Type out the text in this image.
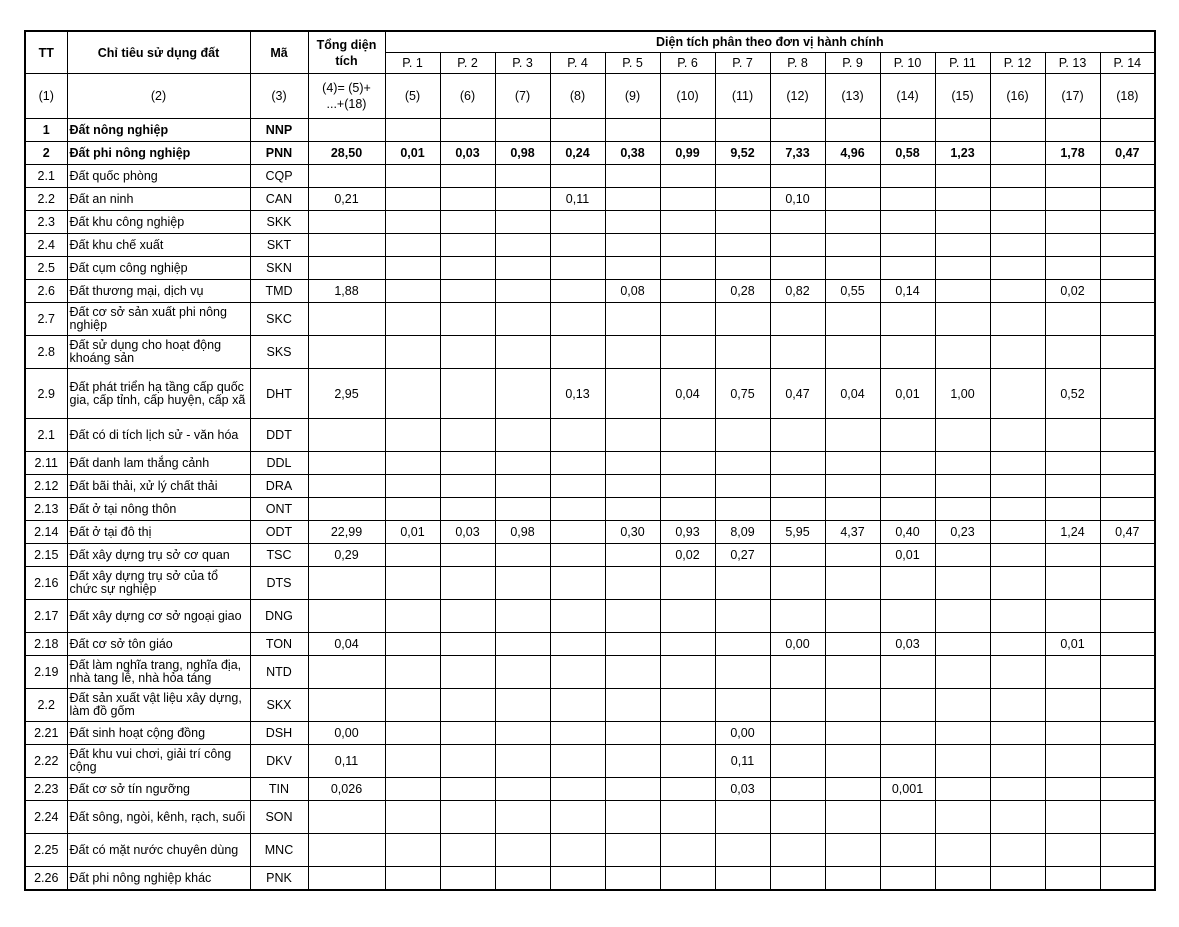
TT	Chỉ tiêu sử dụng đất	Mã	Tổng diện
tích	Diện tích phân theo đơn vị hành chính													
				P. 1	P. 2	P. 3	P. 4	P. 5	P. 6	P. 7	P. 8	P. 9	P. 10	P. 11	P. 12	P. 13	P. 14
(1)	(2)	(3)	(4)= (5)+
...+(18)	(5)	(6)	(7)	(8)	(9)	(10)	(11)	(12)	(13)	(14)	(15)	(16)	(17)	(18)
1	Đất nông nghiệp	NNP															
2	Đất phi nông nghiệp	PNN	28,50	0,01	0,03	0,98	0,24	0,38	0,99	9,52	7,33	4,96	0,58	1,23		1,78	0,47
2.1	Đất quốc phòng	CQP															
2.2	Đất an ninh	CAN	0,21				0,11				0,10						
2.3	Đất khu công nghiệp	SKK															
2.4	Đất khu chế xuất	SKT															
2.5	Đất cụm công nghiệp	SKN															
2.6	Đất thương mại, dịch vụ	TMD	1,88					0,08		0,28	0,82	0,55	0,14			0,02	
2.7	Đất cơ sở sản xuất phi nông nghiệp	SKC															
2.8	Đất sử dụng cho hoạt động khoáng sản	SKS															
2.9	Đất phát triển hạ tầng cấp quốc gia, cấp tỉnh, cấp huyện, cấp xã	DHT	2,95				0,13		0,04	0,75	0,47	0,04	0,01	1,00		0,52	
2.1	Đất có di tích lịch sử - văn hóa	DDT															
2.11	Đất danh lam thắng cảnh	DDL															
2.12	Đất bãi thải, xử lý chất thải	DRA															
2.13	Đất ở tại nông thôn	ONT															
2.14	Đất ở tại đô thị	ODT	22,99	0,01	0,03	0,98		0,30	0,93	8,09	5,95	4,37	0,40	0,23		1,24	0,47
2.15	Đất xây dựng trụ sở cơ quan	TSC	0,29						0,02	0,27			0,01				
2.16	Đất xây dựng trụ sở của tổ chức sự nghiệp	DTS															
2.17	Đất xây dựng cơ sở ngoại giao	DNG															
2.18	Đất cơ sở tôn giáo	TON	0,04								0,00		0,03			0,01	
2.19	Đất làm nghĩa trang, nghĩa địa, nhà tang lễ, nhà hỏa táng	NTD															
2.2	Đất sản xuất vật liệu xây dựng, làm đồ gốm	SKX															
2.21	Đất sinh hoạt cộng đồng	DSH	0,00							0,00							
2.22	Đất khu vui chơi, giải trí công cộng	DKV	0,11							0,11							
2.23	Đất cơ sở tín ngưỡng	TIN	0,026							0,03			0,001				
2.24	Đất sông, ngòi, kênh, rạch, suối	SON															
2.25	Đất có mặt nước chuyên dùng	MNC															
2.26	Đất phi nông nghiệp khác	PNK															
